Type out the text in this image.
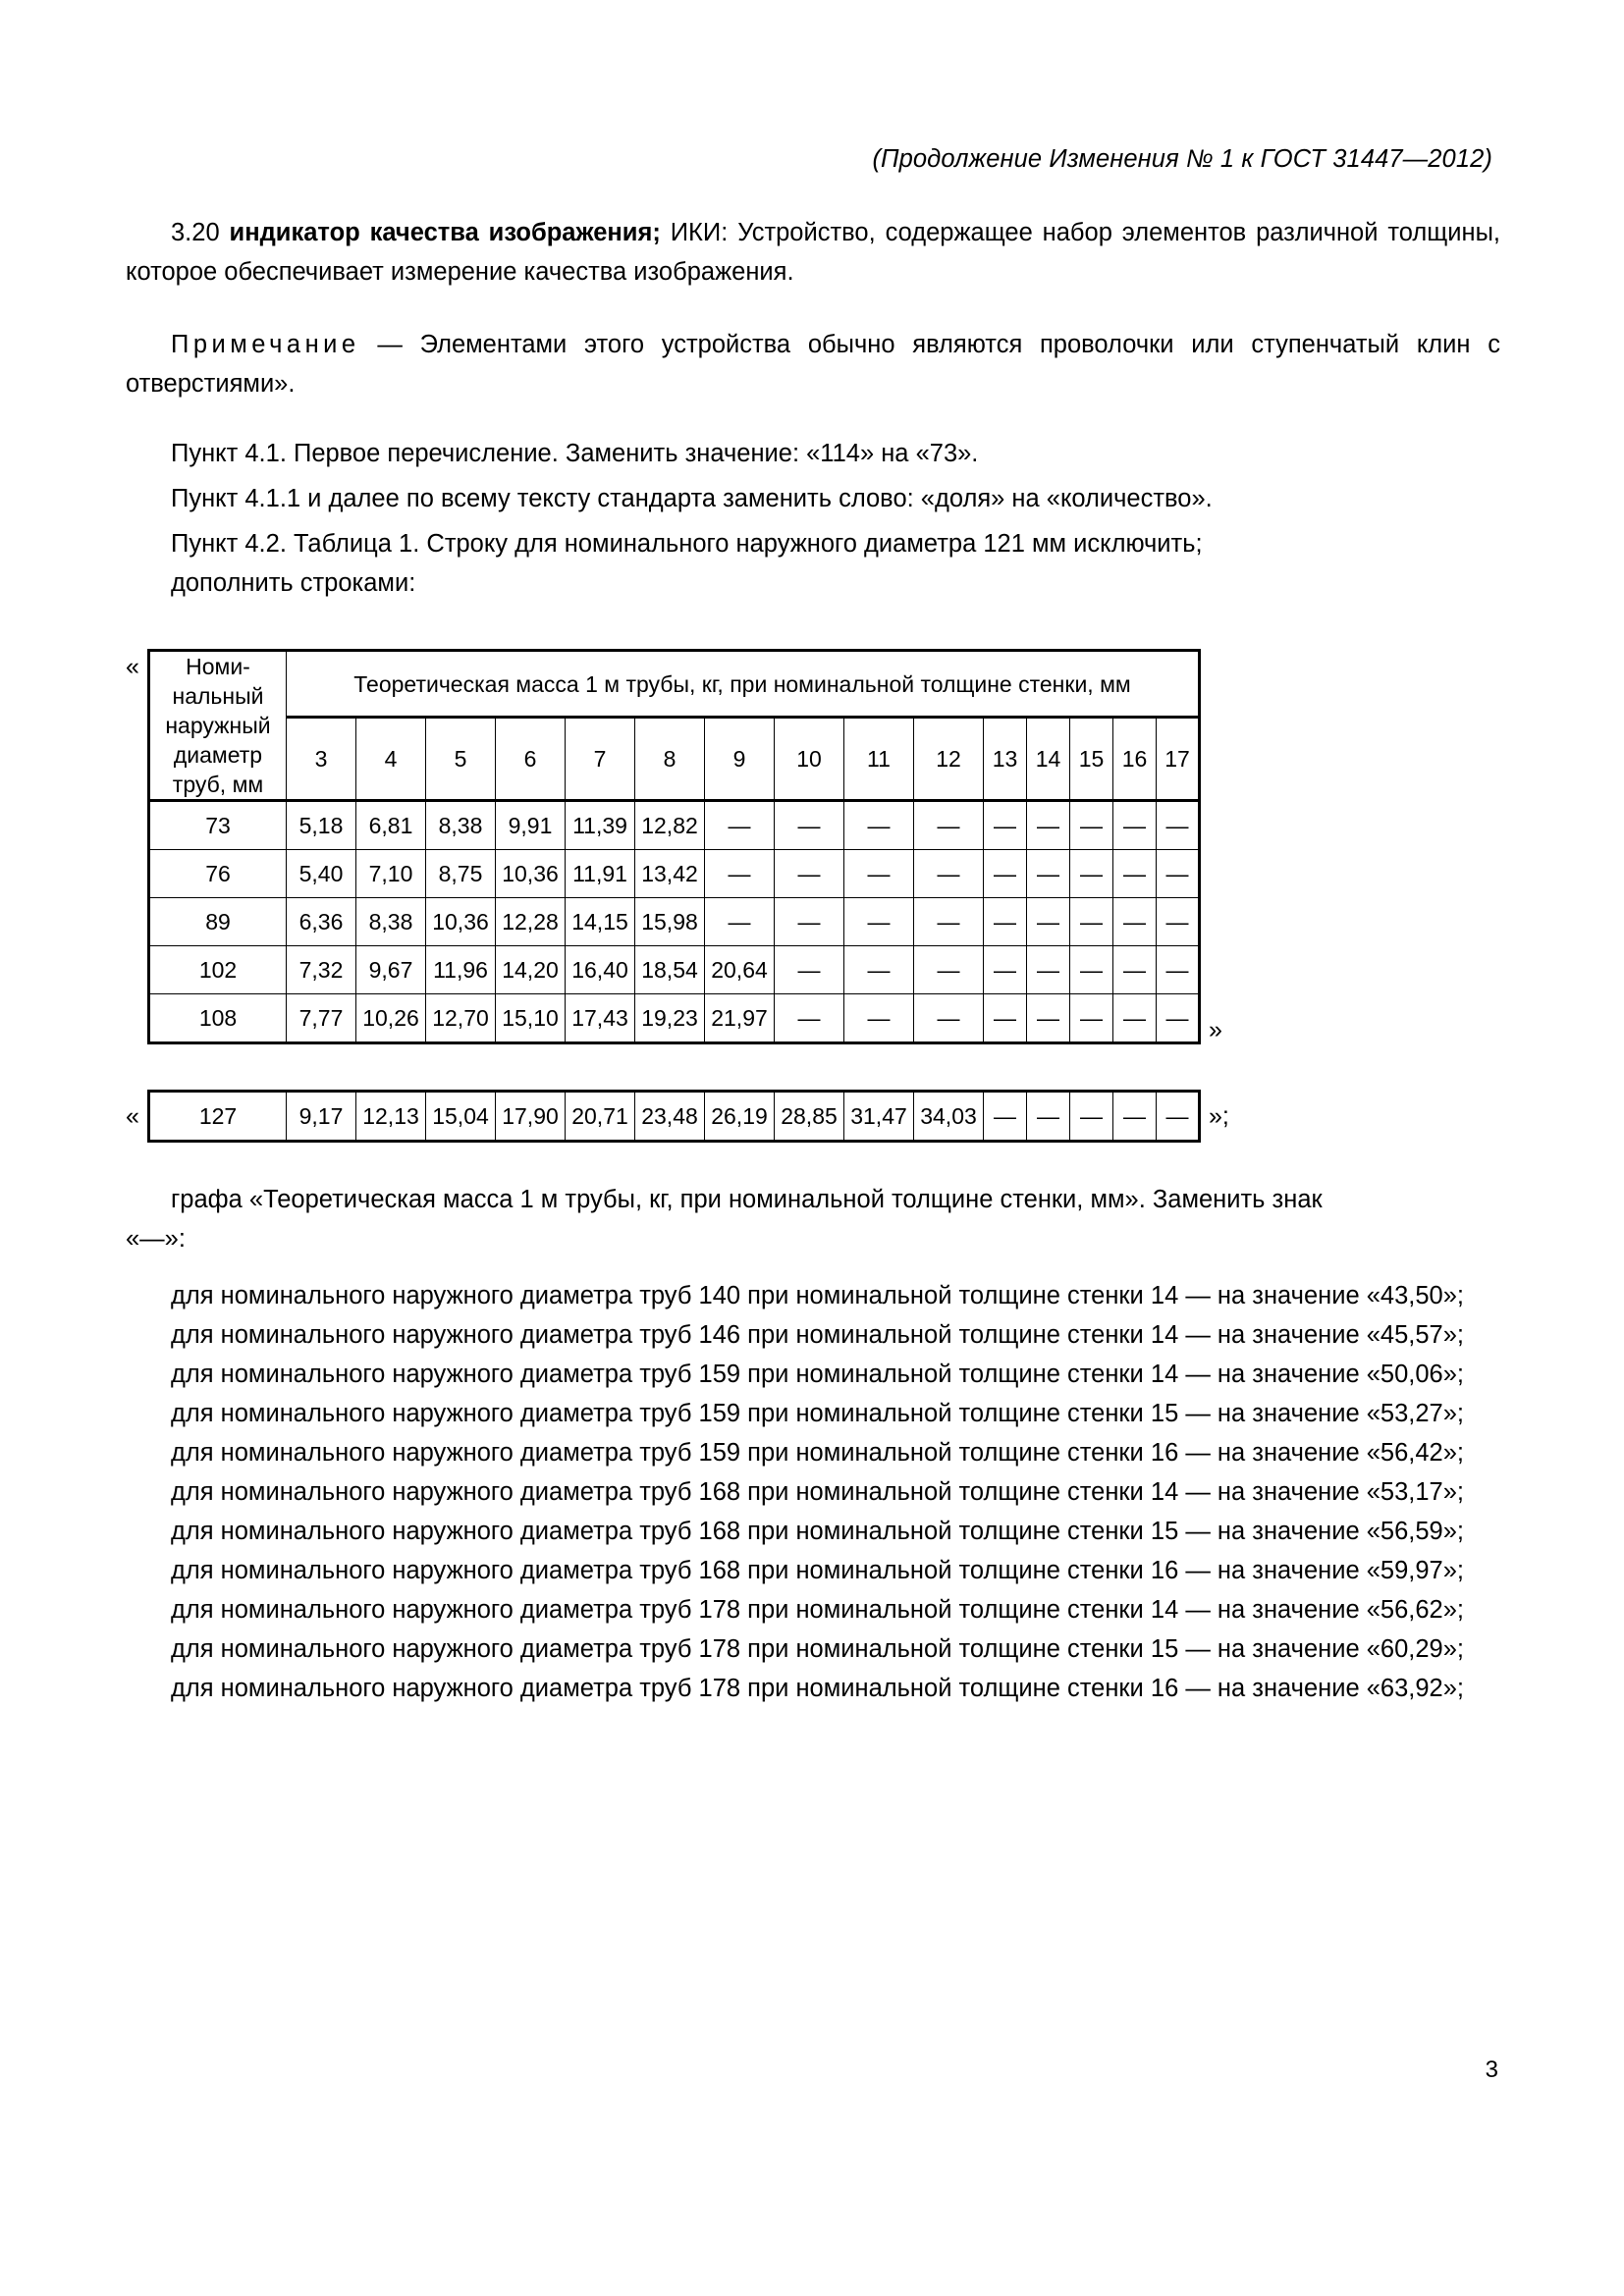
(Продолжение Изменения № 1 к ГОСТ 31447—2012)

3.20 индикатор качества изображения; ИКИ: Устройство, содержащее набор элементов различной толщины, которое обеспечивает измерение качества изображения.

Примечание — Элементами этого устройства обычно являются проволочки или ступенчатый клин с отверстиями».

Пункт 4.1. Первое перечисление. Заменить значение: «114» на «73».

Пункт 4.1.1 и далее по всему тексту стандарта заменить слово: «доля» на «количество».

Пункт 4.2. Таблица 1. Строку для номинального наружного диаметра 121 мм исключить;

дополнить строками:

«	Номи-
нальный
наружный
диаметр
труб, мм	Теоретическая масса 1 м трубы, кг, при номинальной толщине стенки, мм														
	3	4	5	6	7	8	9	10	11	12	13	14	15	16	17
73	5,18	6,81	8,38	9,91	11,39	12,82	—	—	—	—	—	—	—	—	—
76	5,40	7,10	8,75	10,36	11,91	13,42	—	—	—	—	—	—	—	—	—
89	6,36	8,38	10,36	12,28	14,15	15,98	—	—	—	—	—	—	—	—	—
102	7,32	9,67	11,96	14,20	16,40	18,54	20,64	—	—	—	—	—	—	—	—
108	7,77	10,26	12,70	15,10	17,43	19,23	21,97	—	—	—	—	—	—	—	— »
«	127	9,17	12,13	15,04	17,90	20,71	23,48	26,19	28,85	31,47	34,03	—	—	—	—	— »;

графа «Теоретическая масса 1 м трубы, кг, при номинальной толщине стенки, мм». Заменить знак

«—»:

для номинального наружного диаметра труб 140 при номинальной толщине стенки 14 — на значение «43,50»;

для номинального наружного диаметра труб 146 при номинальной толщине стенки 14 — на значение «45,57»;

для номинального наружного диаметра труб 159 при номинальной толщине стенки 14 — на значение «50,06»;

для номинального наружного диаметра труб 159 при номинальной толщине стенки 15 — на значение «53,27»;

для номинального наружного диаметра труб 159 при номинальной толщине стенки 16 — на значение «56,42»;

для номинального наружного диаметра труб 168 при номинальной толщине стенки 14 — на значение «53,17»;

для номинального наружного диаметра труб 168 при номинальной толщине стенки 15 — на значение «56,59»;

для номинального наружного диаметра труб 168 при номинальной толщине стенки 16 — на значение «59,97»;

для номинального наружного диаметра труб 178 при номинальной толщине стенки 14 — на значение «56,62»;

для номинального наружного диаметра труб 178 при номинальной толщине стенки 15 — на значение «60,29»;

для номинального наружного диаметра труб 178 при номинальной толщине стенки 16 — на значение «63,92»;

3
